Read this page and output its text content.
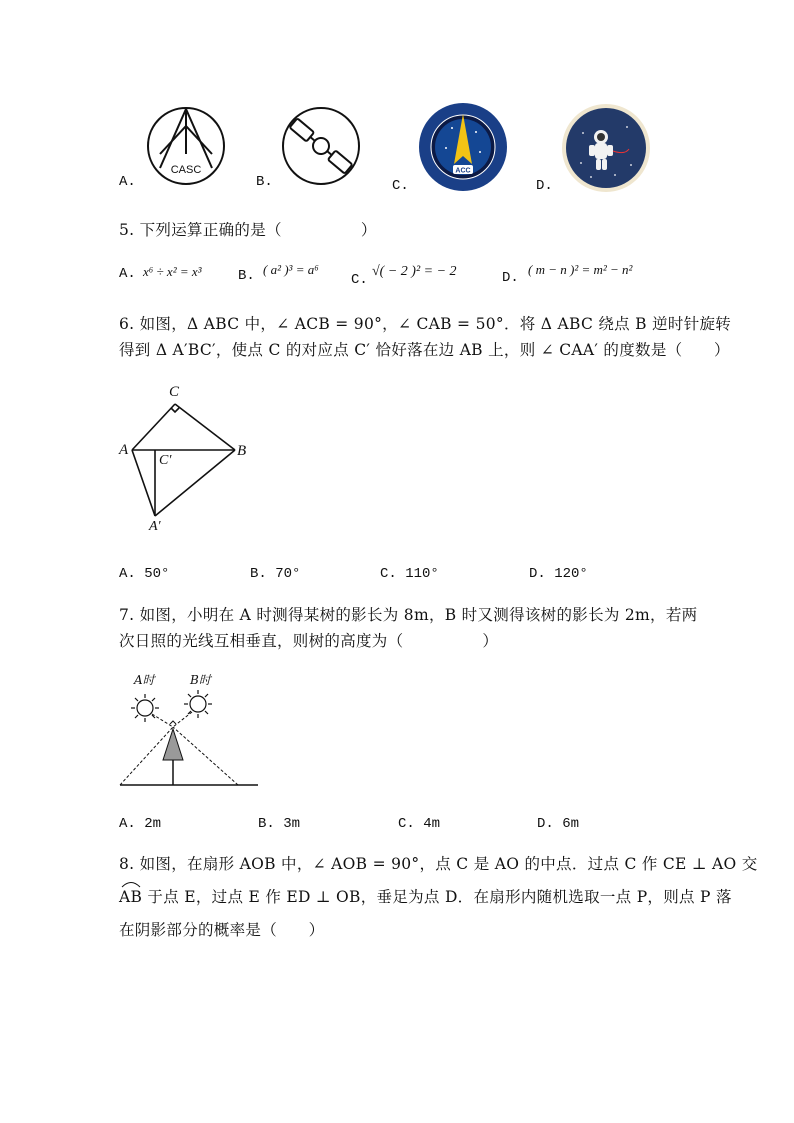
CASC
A.	B.
ACC
C.	D.
5. 下列运算正确的是（　　　　　）
A. x⁶ ÷ x² = x³	B. ( a² )³ = a⁶
C.
√( − 2 )² = − 2	D.
( m − n )² = m² − n²
6. 如图，Δ ABC 中，∠ ACB = 90°，∠ CAB = 50°．将 Δ ABC 绕点 B 逆时针旋转
得到 Δ A′BC′，使点 C 的对应点 C′ 恰好落在边 AB 上，则 ∠ CAA′ 的度数是（　　）
C
A	B
C′
A′
A. 50°	B. 70°	C. 110°	D. 120°
7. 如图，小明在 A 时测得某树的影长为 8m，B 时又测得该树的影长为 2m，若两
次日照的光线互相垂直，则树的高度为（　　　　　）
A时	B时
A. 2m	B. 3m	C. 4m	D. 6m
8. 如图，在扇形 AOB 中，∠ AOB = 90°，点 C 是 AO 的中点．过点 C 作 CE ⊥ AO 交
AB 于点 E，过点 E 作 ED ⊥ OB，垂足为点 D．在扇形内随机选取一点 P，则点 P 落
在阴影部分的概率是（　　）
